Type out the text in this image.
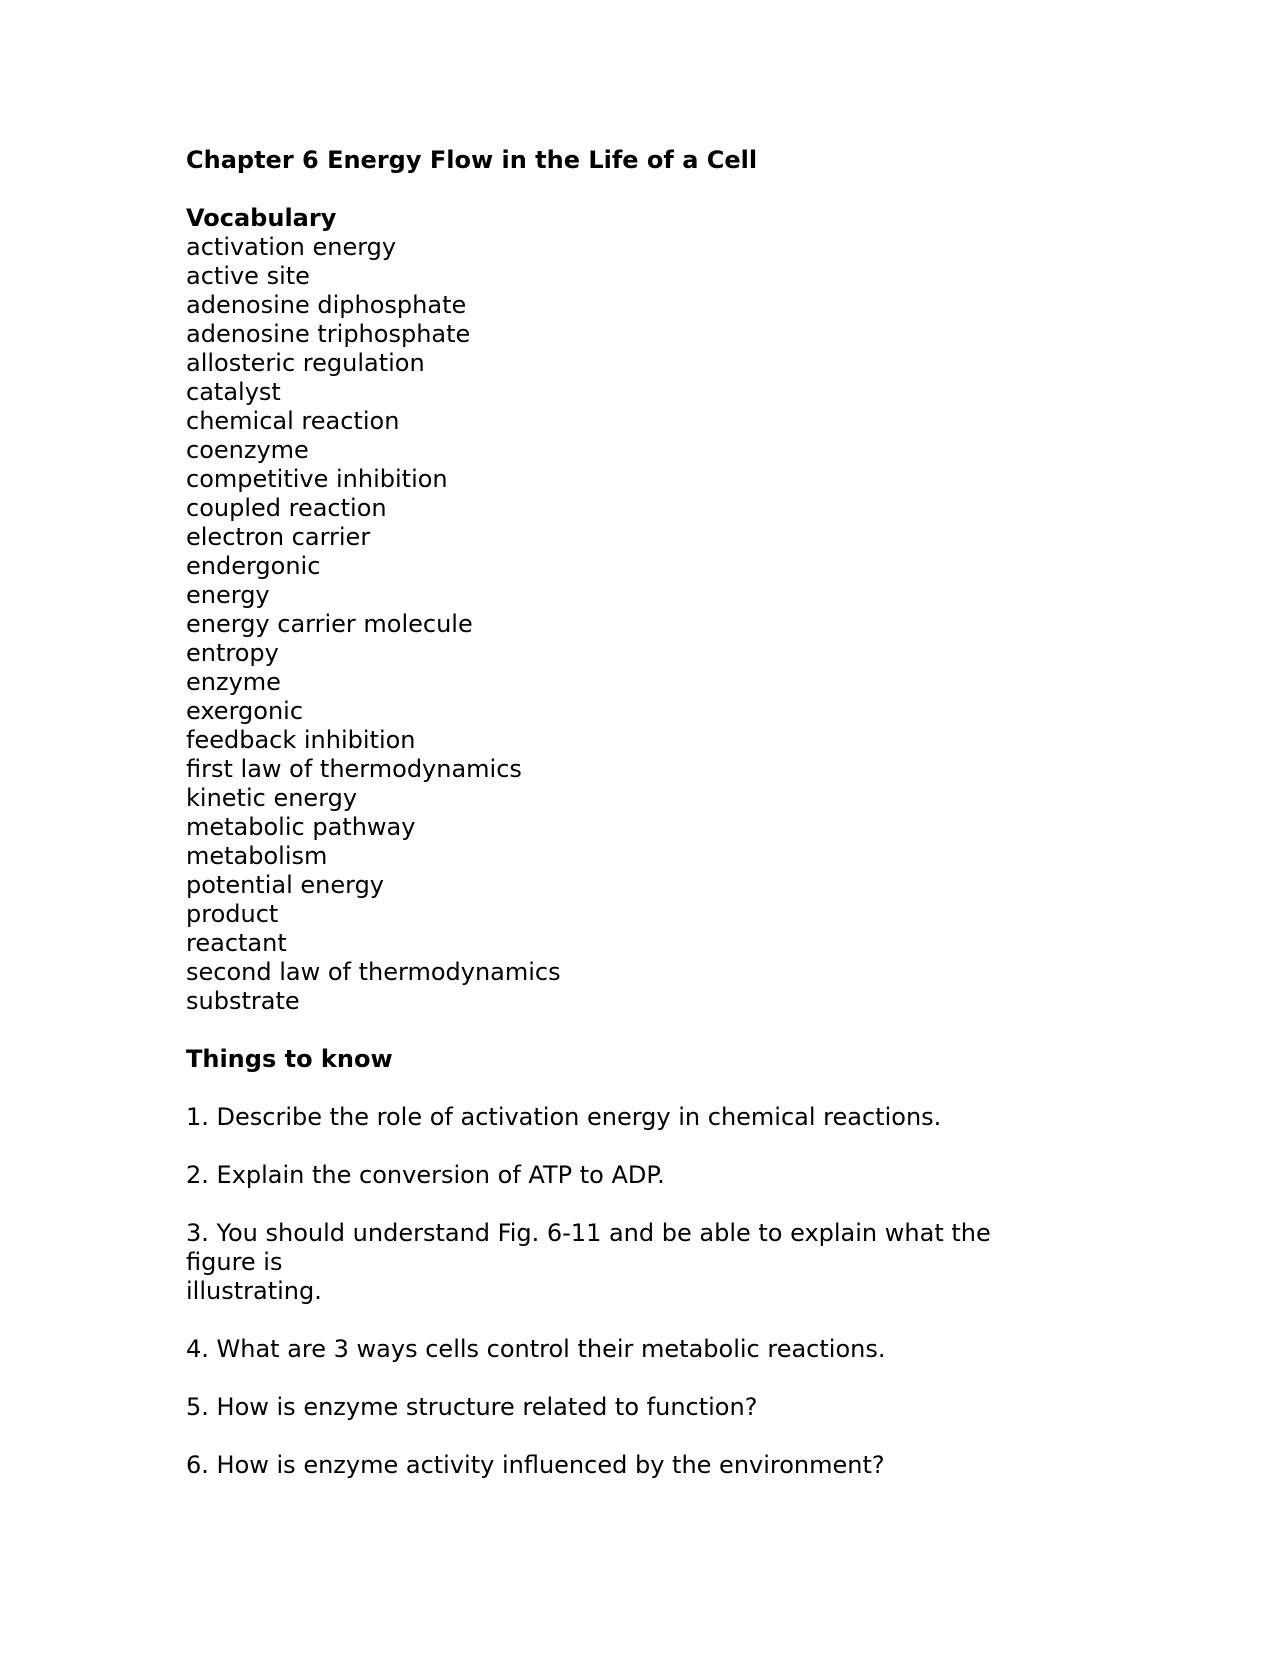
Chapter 6 Energy Flow in the Life of a Cell
Vocabulary
activation energy
active site
adenosine diphosphate
adenosine triphosphate
allosteric regulation
catalyst
chemical reaction
coenzyme
competitive inhibition
coupled reaction
electron carrier
endergonic
energy
energy carrier molecule
entropy
enzyme
exergonic
feedback inhibition
first law of thermodynamics
kinetic energy
metabolic pathway
metabolism
potential energy
product
reactant
second law of thermodynamics
substrate
Things to know
1. Describe the role of activation energy in chemical reactions.
2. Explain the conversion of ATP to ADP.
3. You should understand Fig. 6-11 and be able to explain what the figure is
illustrating.
4. What are 3 ways cells control their metabolic reactions.
5. How is enzyme structure related to function?
6. How is enzyme activity influenced by the environment?
